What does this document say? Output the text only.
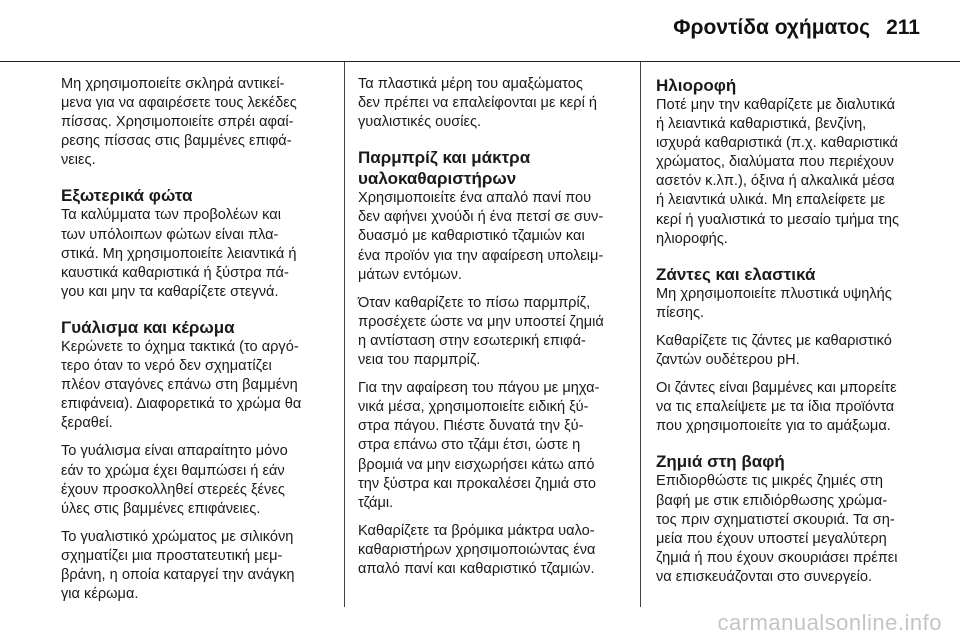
Φροντίδα οχήματος 211

Μη χρησιμοποιείτε σκληρά αντικεί-
μενα για να αφαιρέσετε τους λεκέδες
πίσσας. Χρησιμοποιείτε σπρέι αφαί-
ρεσης πίσσας στις βαμμένες επιφά-
νειες.

Εξωτερικά φώτα

Τα καλύμματα των προβολέων και
των υπόλοιπων φώτων είναι πλα-
στικά. Μη χρησιμοποιείτε λειαντικά ή
καυστικά καθαριστικά ή ξύστρα πά-
γου και μην τα καθαρίζετε στεγνά.

Γυάλισμα και κέρωμα

Κερώνετε το όχημα τακτικά (το αργό-
τερο όταν το νερό δεν σχηματίζει
πλέον σταγόνες επάνω στη βαμμένη
επιφάνεια). Διαφορετικά το χρώμα θα
ξεραθεί.

Το γυάλισμα είναι απαραίτητο μόνο
εάν το χρώμα έχει θαμπώσει ή εάν
έχουν προσκολληθεί στερεές ξένες
ύλες στις βαμμένες επιφάνειες.

Το γυαλιστικό χρώματος με σιλικόνη
σχηματίζει μια προστατευτική μεμ-
βράνη, η οποία καταργεί την ανάγκη
για κέρωμα.

Τα πλαστικά μέρη του αμαξώματος
δεν πρέπει να επαλείφονται με κερί ή
γυαλιστικές ουσίες.

Παρμπρίζ και μάκτρα
υαλοκαθαριστήρων

Χρησιμοποιείτε ένα απαλό πανί που
δεν αφήνει χνούδι ή ένα πετσί σε συν-
δυασμό με καθαριστικό τζαμιών και
ένα προϊόν για την αφαίρεση υπολειμ-
μάτων εντόμων.

Όταν καθαρίζετε το πίσω παρμπρίζ,
προσέχετε ώστε να μην υποστεί ζημιά
η αντίσταση στην εσωτερική επιφά-
νεια του παρμπρίζ.

Για την αφαίρεση του πάγου με μηχα-
νικά μέσα, χρησιμοποιείτε ειδική ξύ-
στρα πάγου. Πιέστε δυνατά την ξύ-
στρα επάνω στο τζάμι έτσι, ώστε η
βρομιά να μην εισχωρήσει κάτω από
την ξύστρα και προκαλέσει ζημιά στο
τζάμι.

Καθαρίζετε τα βρόμικα μάκτρα υαλο-
καθαριστήρων χρησιμοποιώντας ένα
απαλό πανί και καθαριστικό τζαμιών.

Ηλιοροφή

Ποτέ μην την καθαρίζετε με διαλυτικά
ή λειαντικά καθαριστικά, βενζίνη,
ισχυρά καθαριστικά (π.χ. καθαριστικά
χρώματος, διαλύματα που περιέχουν
ασετόν κ.λπ.), όξινα ή αλκαλικά μέσα
ή λειαντικά υλικά. Μη επαλείφετε με
κερί ή γυαλιστικά το μεσαίο τμήμα της
ηλιοροφής.

Ζάντες και ελαστικά

Μη χρησιμοποιείτε πλυστικά υψηλής
πίεσης.

Καθαρίζετε τις ζάντες με καθαριστικό
ζαντών ουδέτερου pH.

Οι ζάντες είναι βαμμένες και μπορείτε
να τις επαλείψετε με τα ίδια προϊόντα
που χρησιμοποιείτε για το αμάξωμα.

Ζημιά στη βαφή

Επιδιορθώστε τις μικρές ζημιές στη
βαφή με στικ επιδιόρθωσης χρώμα-
τος πριν σχηματιστεί σκουριά. Τα ση-
μεία που έχουν υποστεί μεγαλύτερη
ζημιά ή που έχουν σκουριάσει πρέπει
να επισκευάζονται στο συνεργείο.

carmanualsonline.info
